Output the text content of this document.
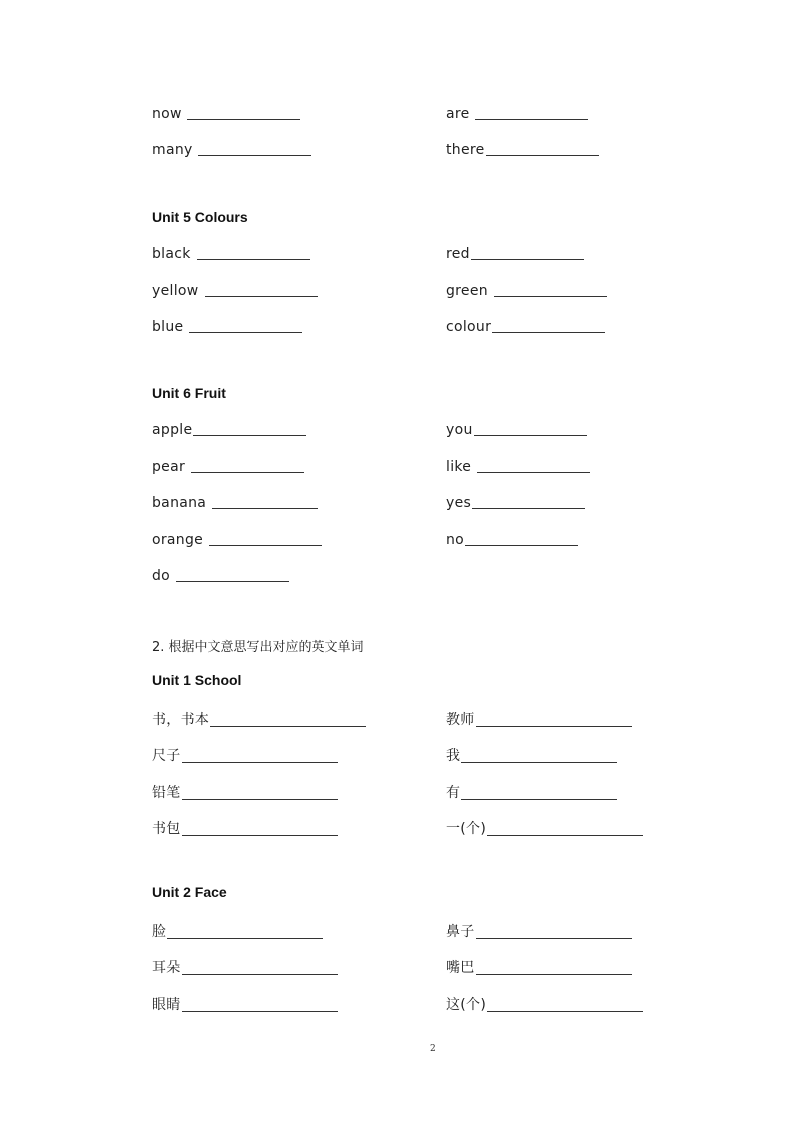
now	are
many	there
Unit 5 Colours
black	red
yellow	green
blue	colour
Unit 6 Fruit
apple	you
pear	like
banana	yes
orange	no
do
2. 根据中文意思写出对应的英文单词
Unit 1 School
书，书本	教师
尺子	我
铅笔	有
书包	一(个)
Unit 2 Face
脸	鼻子
耳朵	嘴巴
眼睛	这(个)
2
